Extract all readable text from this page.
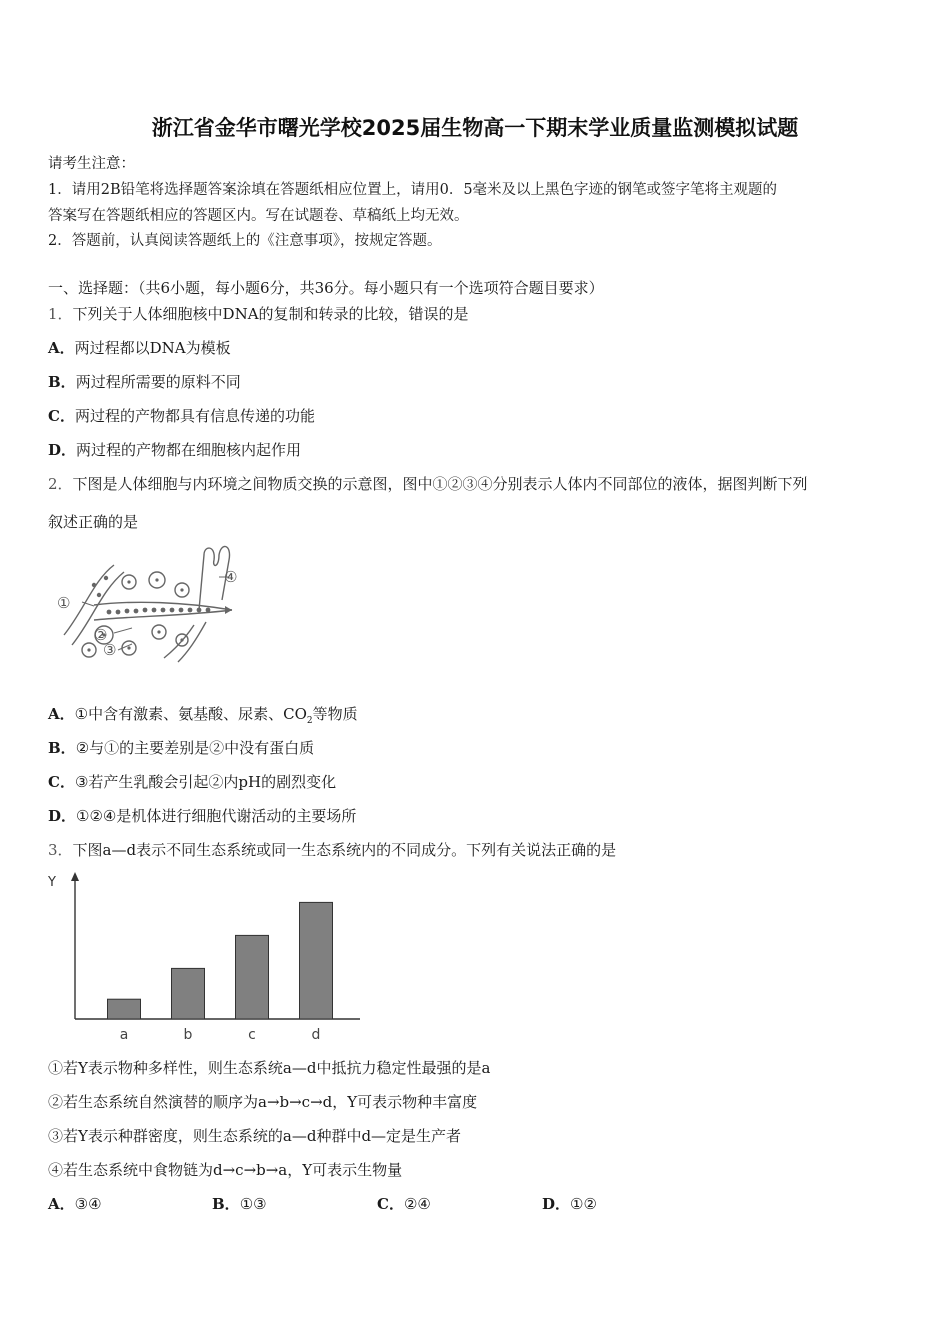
浙江省金华市曙光学校2025届生物高一下期末学业质量监测模拟试题
请考生注意：
1．请用2B铅笔将选择题答案涂填在答题纸相应位置上，请用0．5毫米及以上黑色字迹的钢笔或签字笔将主观题的
答案写在答题纸相应的答题区内。写在试题卷、草稿纸上均无效。
2．答题前，认真阅读答题纸上的《注意事项》，按规定答题。
一、选择题：（共6小题，每小题6分，共36分。每小题只有一个选项符合题目要求）
1．下列关于人体细胞核中DNA的复制和转录的比较，错误的是
A．两过程都以DNA为模板
B．两过程所需要的原料不同
C．两过程的产物都具有信息传递的功能
D．两过程的产物都在细胞核内起作用
2．下图是人体细胞与内环境之间物质交换的示意图，图中①②③④分别表示人体内不同部位的液体，据图判断下列
叙述正确的是
①
②
③
④
A．①中含有激素、氨基酸、尿素、$CO_2$等物质
B．②与①的主要差别是②中没有蛋白质
C．③若产生乳酸会引起②内pH的剧烈变化
D．①②④是机体进行细胞代谢活动的主要场所
3．下图a—d表示不同生态系统或同一生态系统内的不同成分。下列有关说法正确的是
Y
a	b	c	d
①若Y表示物种多样性，则生态系统a—d中抵抗力稳定性最强的是a
②若生态系统自然演替的顺序为a→b→c→d，Y可表示物种丰富度
③若Y表示种群密度，则生态系统的a—d种群中d—定是生产者
④若生态系统中食物链为d→c→b→a，Y可表示生物量
A．③④	B．①③	C．②④	D．①②
